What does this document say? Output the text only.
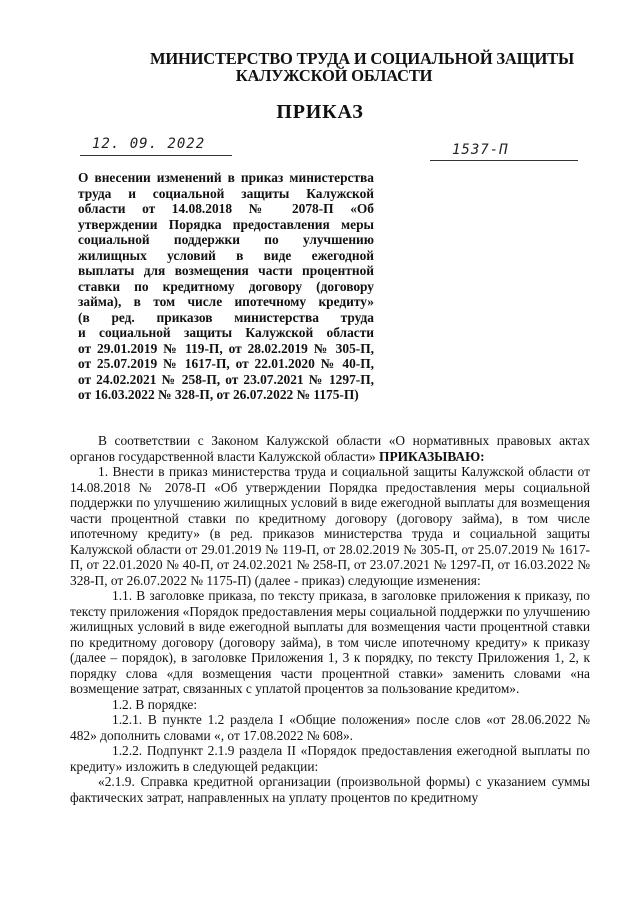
МИНИСТЕРСТВО ТРУДА И СОЦИАЛЬНОЙ ЗАЩИТЫ
КАЛУЖСКОЙ ОБЛАСТИ
ПРИКАЗ
12. 09. 2022	1537-П
О внесении изменений в приказ министерства
труда и социальной защиты Калужской
области от 14.08.2018 № 2078-П «Об
утверждении Порядка предоставления меры
социальной поддержки по улучшению
жилищных условий в виде ежегодной
выплаты для возмещения части процентной
ставки по кредитному договору (договору
займа), в том числе ипотечному кредиту»
(в ред. приказов министерства труда
и социальной защиты Калужской области
от 29.01.2019 № 119-П, от 28.02.2019 № 305-П,
от 25.07.2019 № 1617-П, от 22.01.2020 № 40-П,
от 24.02.2021 № 258-П, от 23.07.2021 № 1297-П,
от 16.03.2022 № 328-П, от 26.07.2022 № 1175-П)

В соответствии с Законом Калужской области «О нормативных правовых актах органов государственной власти Калужской области» ПРИКАЗЫВАЮ:

1. Внести в приказ министерства труда и социальной защиты Калужской области от 14.08.2018 № 2078-П «Об утверждении Порядка предоставления меры социальной поддержки по улучшению жилищных условий в виде ежегодной выплаты для возмещения части процентной ставки по кредитному договору (договору займа), в том числе ипотечному кредиту» (в ред. приказов министерства труда и социальной защиты Калужской области от 29.01.2019 № 119-П, от 28.02.2019 № 305-П, от 25.07.2019 № 1617-П, от 22.01.2020 № 40-П, от 24.02.2021 № 258-П, от 23.07.2021 № 1297-П, от 16.03.2022 № 328-П, от 26.07.2022 № 1175-П) (далее - приказ) следующие изменения:

1.1. В заголовке приказа, по тексту приказа, в заголовке приложения к приказу, по тексту приложения «Порядок предоставления меры социальной поддержки по улучшению жилищных условий в виде ежегодной выплаты для возмещения части процентной ставки по кредитному договору (договору займа), в том числе ипотечному кредиту» к приказу (далее – порядок), в заголовке Приложения 1, 3 к порядку, по тексту Приложения 1, 2, к порядку слова «для возмещения части процентной ставки» заменить словами «на возмещение затрат, связанных с уплатой процентов за пользование кредитом».

1.2. В порядке:

1.2.1. В пункте 1.2 раздела I «Общие положения» после слов «от 28.06.2022 № 482» дополнить словами «, от 17.08.2022 № 608».

1.2.2. Подпункт 2.1.9 раздела II «Порядок предоставления ежегодной выплаты по кредиту» изложить в следующей редакции:

«2.1.9. Справка кредитной организации (произвольной формы) с указанием суммы фактических затрат, направленных на уплату процентов по кредитному
